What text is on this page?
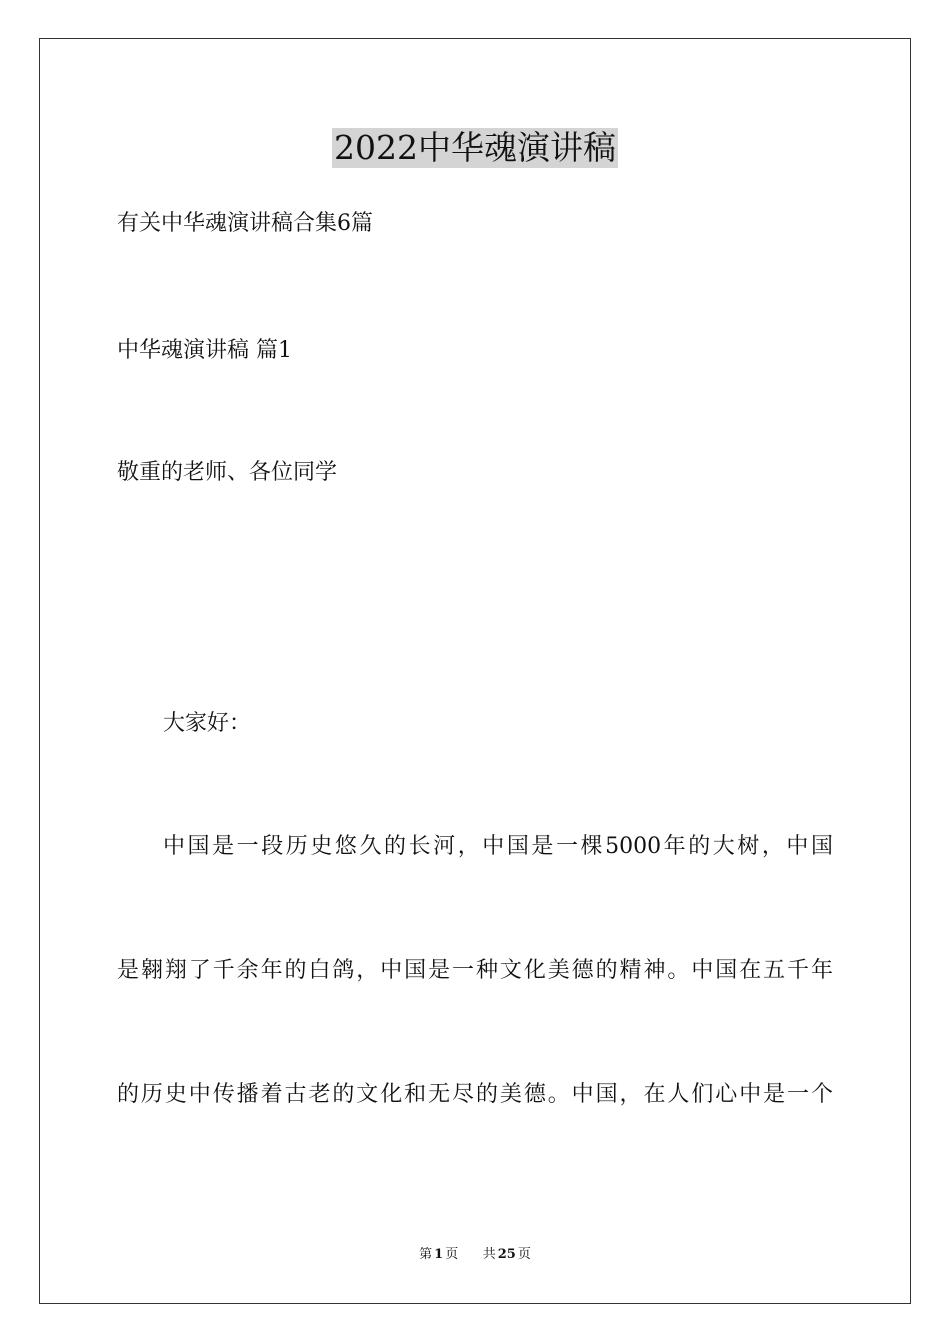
2022中华魂演讲稿
有关中华魂演讲稿合集6篇
中华魂演讲稿 篇1
敬重的老师、各位同学
大家好：
中国是一段历史悠久的长河，中国是一棵5000年的大树，中国
是翱翔了千余年的白鸽，中国是一种文化美德的精神。中国在五千年
的历史中传播着古老的文化和无尽的美德。中国，在人们心中是一个
第 1 页 共 25 页
